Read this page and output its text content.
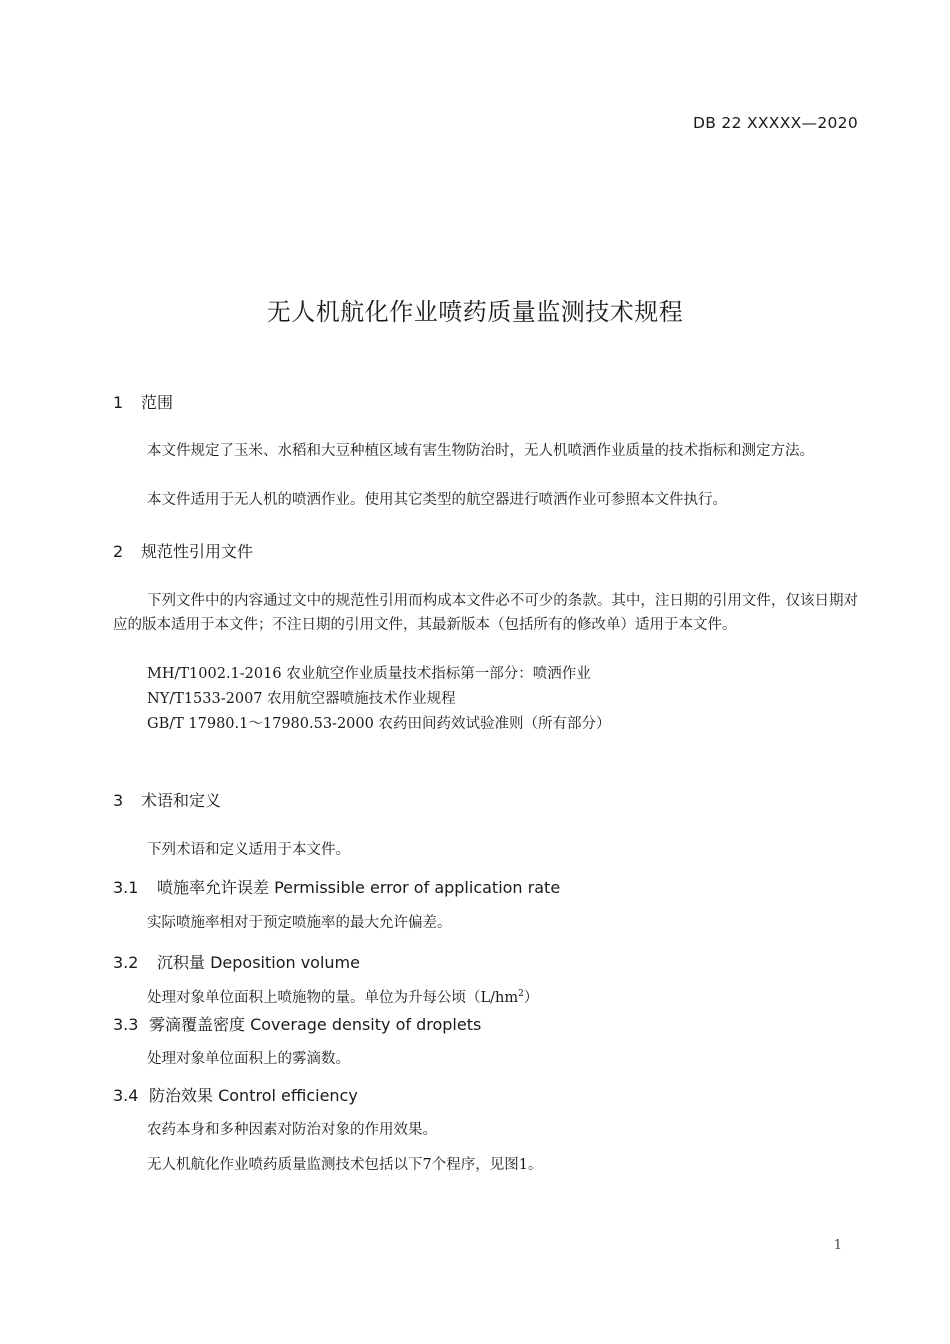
DB 22 XXXXX—2020
无人机航化作业喷药质量监测技术规程
1 范围

本文件规定了玉米、水稻和大豆种植区域有害生物防治时，无人机喷洒作业质量的技术指标和测定方法。

本文件适用于无人机的喷洒作业。使用其它类型的航空器进行喷洒作业可参照本文件执行。

2 规范性引用文件

下列文件中的内容通过文中的规范性引用而构成本文件必不可少的条款。其中，注日期的引用文件，仅该日期对应的版本适用于本文件；不注日期的引用文件，其最新版本（包括所有的修改单）适用于本文件。

MH/T1002.1-2016 农业航空作业质量技术指标第一部分：喷洒作业
NY/T1533-2007 农用航空器喷施技术作业规程
GB/T 17980.1～17980.53-2000 农药田间药效试验准则（所有部分）
3 术语和定义

下列术语和定义适用于本文件。

3.1 喷施率允许误差 Permissible error of application rate

实际喷施率相对于预定喷施率的最大允许偏差。

3.2 沉积量 Deposition volume

处理对象单位面积上喷施物的量。单位为升每公顷$(L/hm^2)$

3.3 雾滴覆盖密度 Coverage density of droplets

处理对象单位面积上的雾滴数。

3.4 防治效果 Control efficiency

农药本身和多种因素对防治对象的作用效果。

无人机航化作业喷药质量监测技术包括以下7个程序，见图1。

1
